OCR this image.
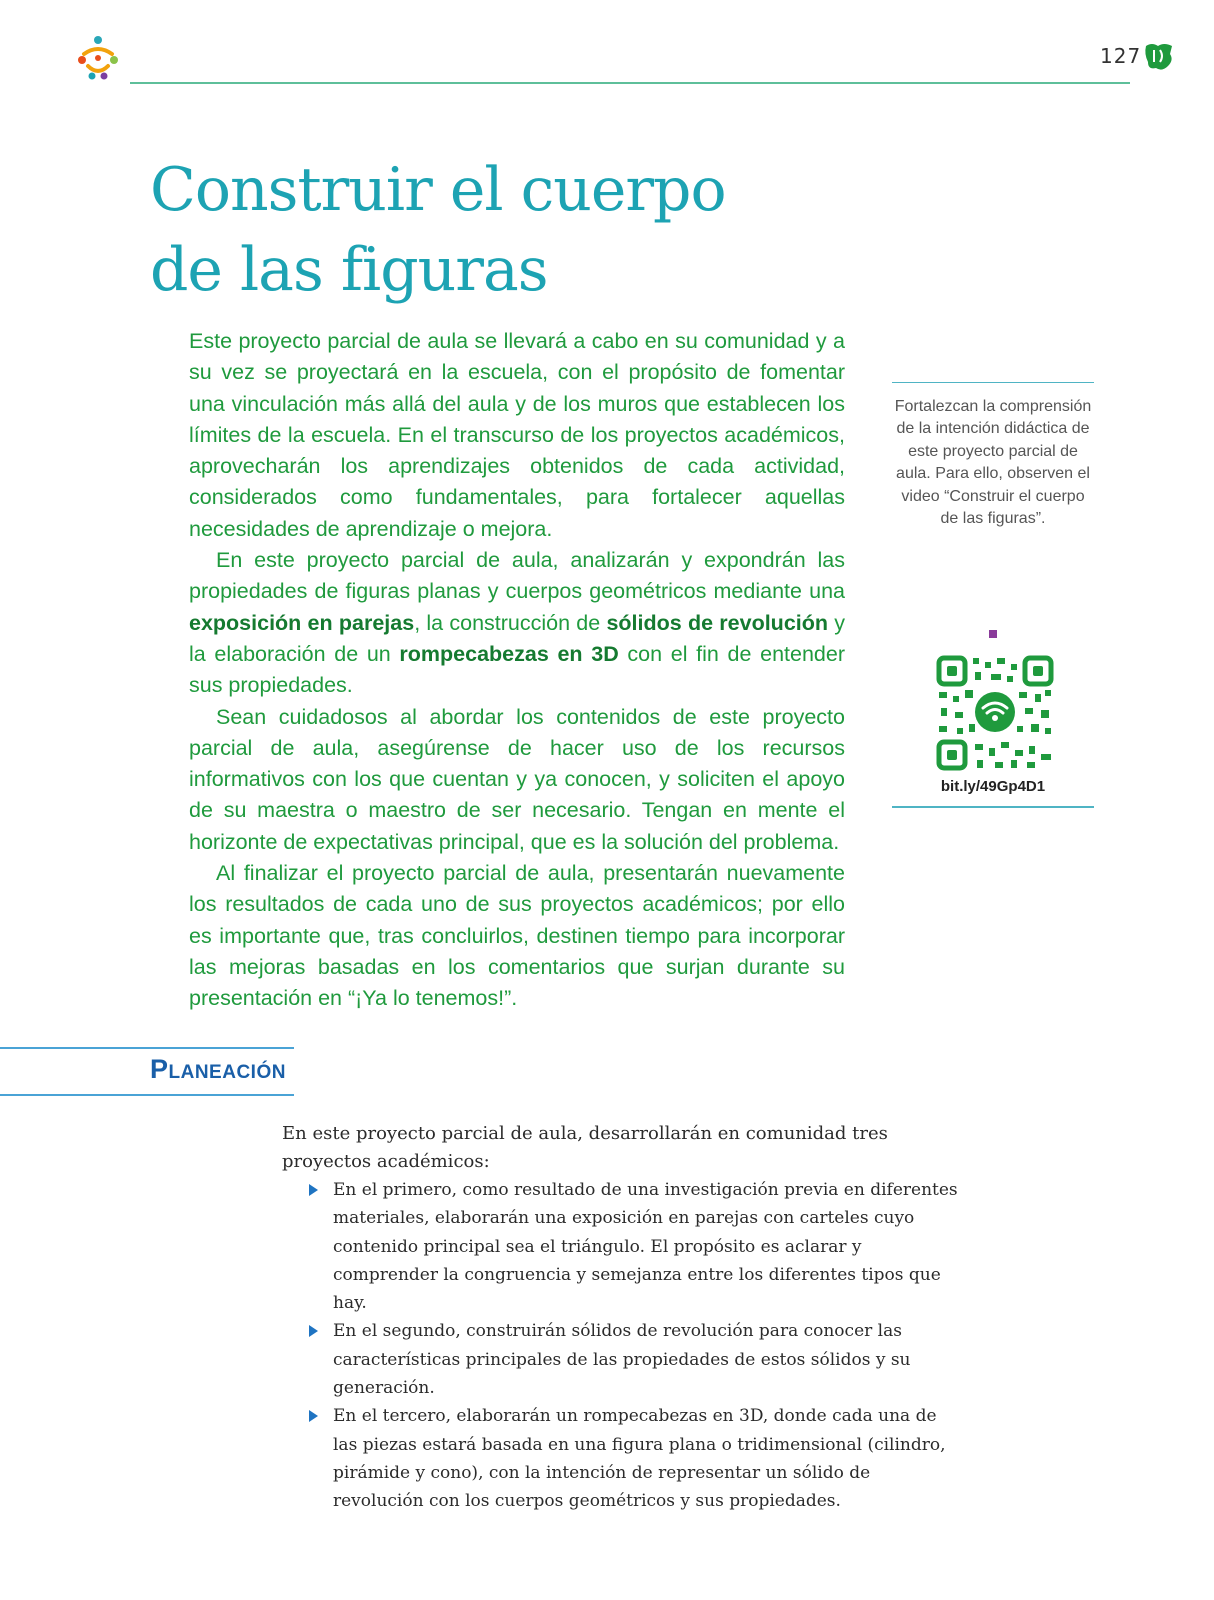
127
Construir el cuerpo
de las figuras

Este proyecto parcial de aula se llevará a cabo en su comunidad y a su vez se proyectará en la escuela, con el propósito de fomentar una vinculación más allá del aula y de los muros que establecen los límites de la escuela. En el transcurso de los proyectos académicos, aprovecharán los aprendizajes obtenidos de cada actividad, considerados como fundamentales, para fortalecer aquellas necesidades de aprendizaje o mejora.

En este proyecto parcial de aula, analizarán y expondrán las propiedades de figuras planas y cuerpos geométricos mediante una exposición en parejas, la construcción de sólidos de revolución y la elaboración de un rompecabezas en 3D con el fin de entender sus propiedades.

Sean cuidadosos al abordar los contenidos de este proyecto parcial de aula, asegúrense de hacer uso de los recursos informativos con los que cuentan y ya conocen, y soliciten el apoyo de su maestra o maestro de ser necesario. Tengan en mente el horizonte de expectativas principal, que es la solución del problema.

Al finalizar el proyecto parcial de aula, presentarán nuevamente los resultados de cada uno de sus proyectos académicos; por ello es importante que, tras concluirlos, destinen tiempo para incorporar las mejoras basadas en los comentarios que surjan durante su presentación en “¡Ya lo tenemos!”.

Fortalezcan la comprensión de la intención didáctica de este proyecto parcial de aula. Para ello, observen el video “Construir el cuerpo de las figuras”.
bit.ly/49Gp4D1
Planeación

En este proyecto parcial de aula, desarrollarán en comunidad tres proyectos académicos:

En el primero, como resultado de una investigación previa en diferentes materiales, elaborarán una exposición en parejas con carteles cuyo contenido principal sea el triángulo. El propósito es aclarar y comprender la congruencia y semejanza entre los diferentes tipos que hay.
En el segundo, construirán sólidos de revolución para conocer las características principales de las propiedades de estos sólidos y su generación.
En el tercero, elaborarán un rompecabezas en 3D, donde cada una de las piezas estará basada en una figura plana o tridimensional (cilindro, pirámide y cono), con la intención de representar un sólido de revolución con los cuerpos geométricos y sus propiedades.
